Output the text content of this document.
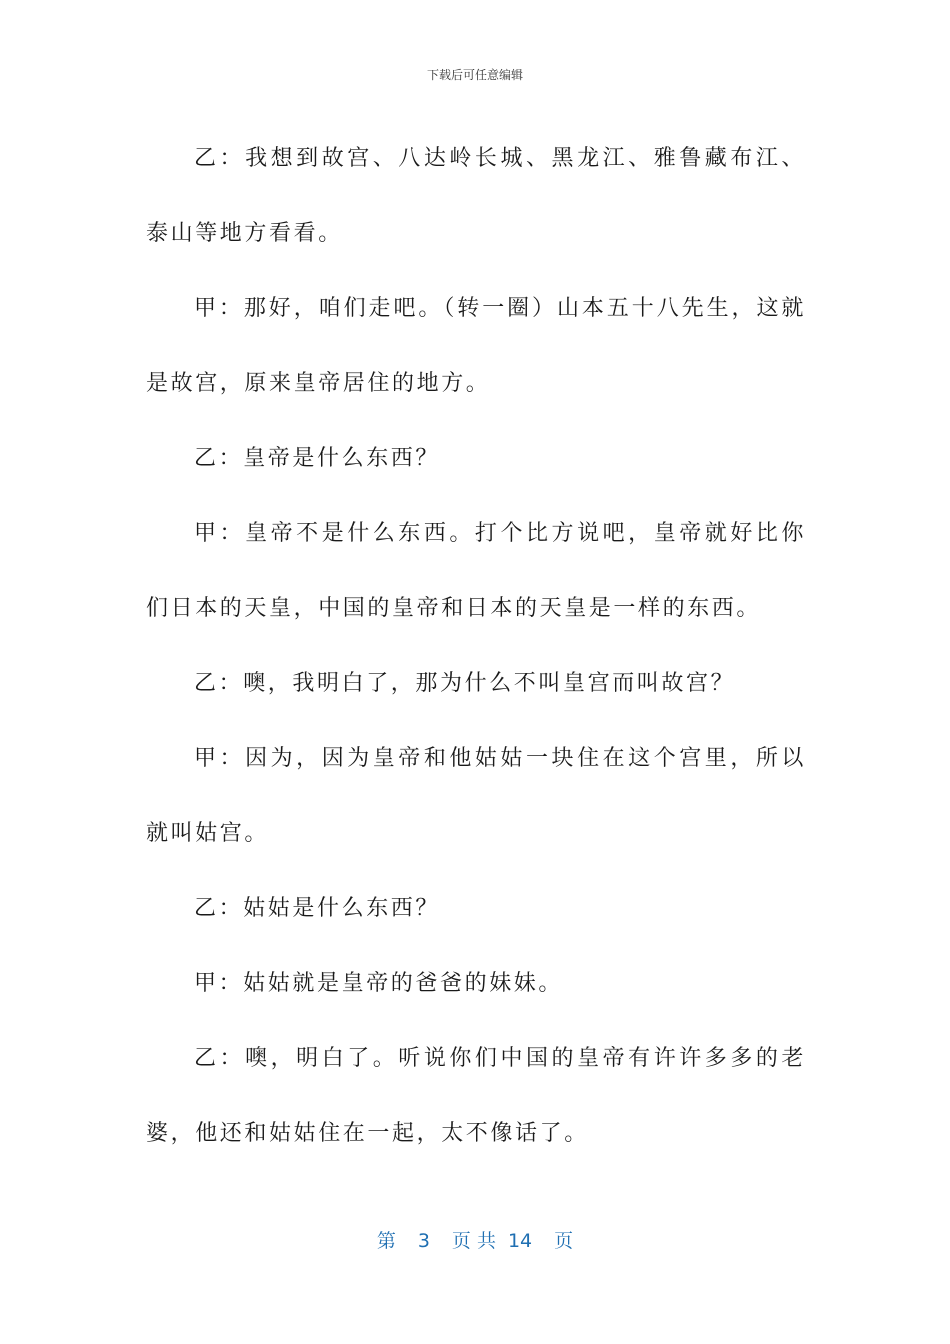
下载后可任意编辑

乙：我想到故宫、八达岭长城、黑龙江、雅鲁藏布江、泰山等地方看看。

甲：那好，咱们走吧。（转一圈）山本五十八先生，这就是故宫，原来皇帝居住的地方。

乙：皇帝是什么东西？

甲：皇帝不是什么东西。打个比方说吧，皇帝就好比你们日本的天皇，中国的皇帝和日本的天皇是一样的东西。

乙：噢，我明白了，那为什么不叫皇宫而叫故宫？

甲：因为，因为皇帝和他姑姑一块住在这个宫里，所以就叫姑宫。

乙：姑姑是什么东西？

甲：姑姑就是皇帝的爸爸的妹妹。

乙：噢，明白了。听说你们中国的皇帝有许许多多的老婆，他还和姑姑住在一起，太不像话了。

第 3 页 共 14 页
